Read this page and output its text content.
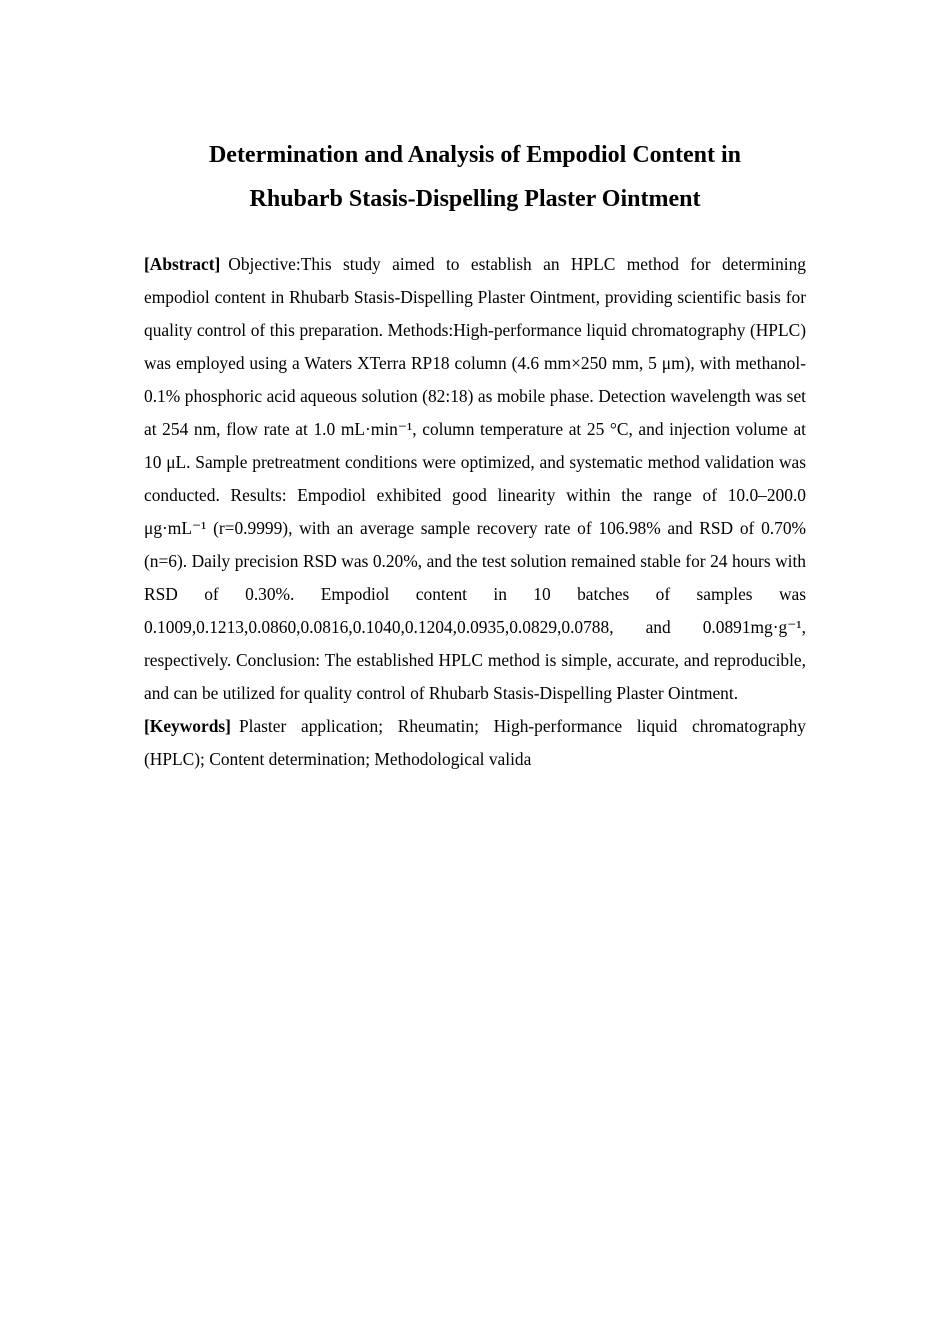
Determination and Analysis of Empodiol Content in
Rhubarb Stasis-Dispelling Plaster Ointment

[Abstract] Objective:This study aimed to establish an HPLC method for determining empodiol content in Rhubarb Stasis-Dispelling Plaster Ointment, providing scientific basis for quality control of this preparation. Methods:High-performance liquid chromatography (HPLC) was employed using a Waters XTerra RP18 column (4.6 mm×250 mm, 5 μm), with methanol-0.1% phosphoric acid aqueous solution (82:18) as mobile phase. Detection wavelength was set at 254 nm, flow rate at 1.0 mL·min⁻¹, column temperature at 25 °C, and injection volume at 10 μL. Sample pretreatment conditions were optimized, and systematic method validation was conducted. Results: Empodiol exhibited good linearity within the range of 10.0–200.0 μg·mL⁻¹ (r=0.9999), with an average sample recovery rate of 106.98% and RSD of 0.70% (n=6). Daily precision RSD was 0.20%, and the test solution remained stable for 24 hours with RSD of 0.30%. Empodiol content in 10 batches of samples was 0.1009,0.1213,0.0860,0.0816,0.1040,0.1204,0.0935,0.0829,0.0788, and 0.0891mg·g⁻¹, respectively. Conclusion: The established HPLC method is simple, accurate, and reproducible, and can be utilized for quality control of Rhubarb Stasis-Dispelling Plaster Ointment.

[Keywords] Plaster application; Rheumatin; High-performance liquid chromatography (HPLC); Content determination; Methodological valida
